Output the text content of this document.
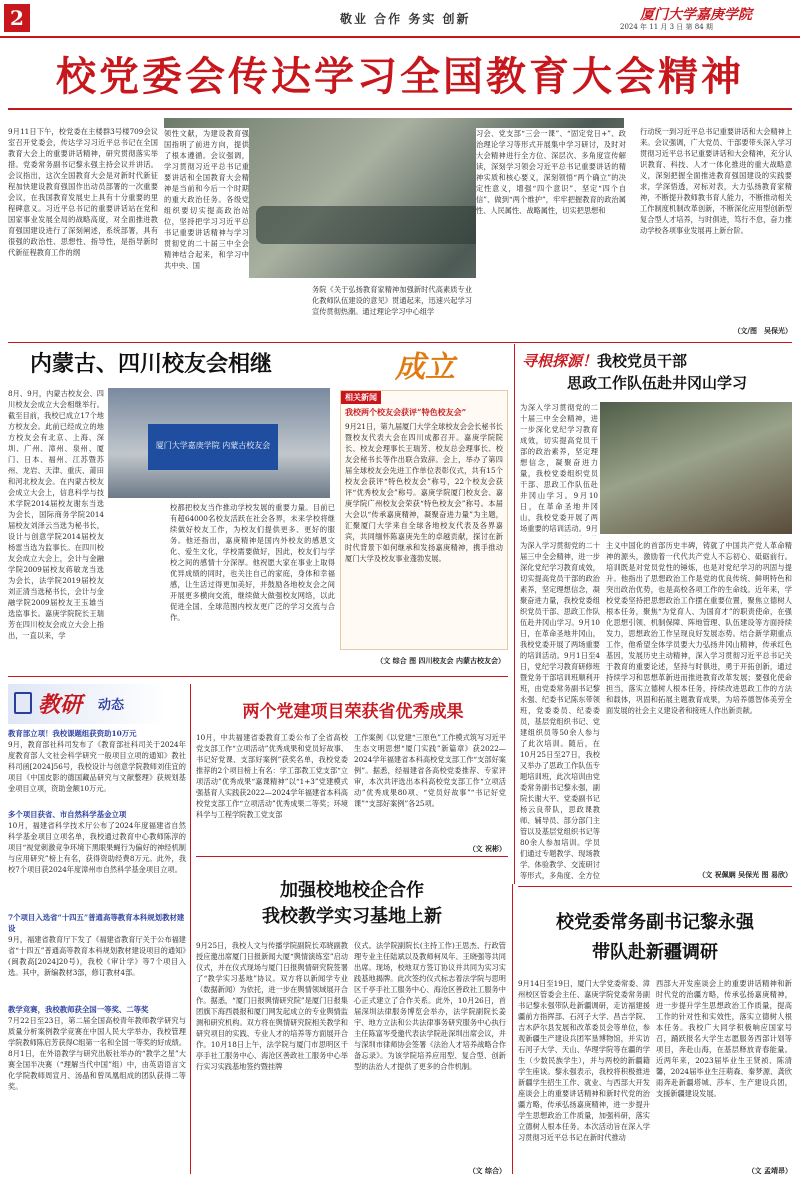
2	敬业 合作 务实 创新	厦门大学嘉庚学院
2024 年 11 月 3 日 第 84 期
校党委会传达学习全国教育大会精神
9月11日下午，校党委在主楼群3号楼709会议室召开党委会，传达学习习近平总书记在全国教育大会上的重要讲话精神，研究贯彻落实举措。党委常务副书记黎永强主持会议并讲话。会议指出，这次全国教育大会是对新时代新征程加快建设教育强国作出动员部署的一次重要会议，在我国教育发展史上具有十分重要的里程碑意义。习近平总书记的重要讲话站在党和国家事业发展全局的战略高度，对全面推进教育强国建设进行了深刻阐述，系统部署，具有很强的政治性、思想性、指导性，是指导新时代新征程教育工作的纲
领性文献，为建设教育强国指明了前进方向，提供了根本遵循。会议强调，学习贯彻习近平总书记重要讲话和全国教育大会精神是当前和今后一个时期的重大政治任务。各级党组织要切实提高政治站位，坚持把学习习近平总书记重要讲话精神与学习贯彻党的二十届三中全会精神结合起来，和学习中共中央、国
务院《关于弘扬教育家精神加强新时代高素质专业化教师队伍建设的意见》贯通起来，迅速兴起学习宣传贯彻热潮。通过理论学习中心组学
习会、党支部“三会一课”、“固定党日+”、政治理论学习等形式开展集中学习研讨，及时对大会精神进行全方位、深层次、多角度宣传解读，深刻学习领会习近平总书记重要讲话的精神实质和核心要义，深刻领悟“两个确立”的决定性意义，增强“四个意识”、坚定“四个自信”、做到“两个维护”，牢牢把握教育的政治属性、人民属性、战略属性，切实把思想和
行动统一到习近平总书记重要讲话和大会精神上来。会议强调，广大党员、干部要带头深入学习贯彻习近平总书记重要讲话和大会精神，充分认识教育、科技、人才一体化推进的重大战略意义，深刻把握全面推进教育强国建设的实践要求，学深悟透，对标对表，大力弘扬教育家精神，不断提升教师教书育人能力，不断推动相关工作制度机制改革创新，不断深化应用型创新型复合型人才培养，与时俱进，笃行不怠，奋力推动学校各项事业发展再上新台阶。
（文/图　吴保光）
内蒙古、四川校友会相继	成立
8月、9月，内蒙古校友会、四川校友会成立大会相继举行。截至目前，我校已成立17个地方校友会。此前已经成立的地方校友会有北京、上海、深圳、广州、漳州、泉州、厦门、日本、福州、江苏暨苏州、龙岩、天津、重庆、莆田和河北校友会。在内蒙古校友会成立大会上，信息科学与技术学院2014届校友谢东当选为会长，国际商务学院2014届校友刘泽云当选为秘书长，设计与创意学院2014届校友杨雷当选为监事长。在四川校友会成立大会上，会计与金融学院2009届校友蒋敏龙当选为会长，法学院2019届校友刘正清当选秘书长，会计与金融学院2009届校友王玉雄当选监事长。嘉庚学院院长王瑞芳在四川校友会成立大会上指出，一直以来，学
厦门大学嘉庚学院 内蒙古校友会
校都把校友当作推动学校发展的重要力量。目前已有超64000名校友活跃在社会各界，未来学校将继续做好校友工作，为校友们提供更多、更好的服务。他还指出，嘉庚精神是国内外校友的感恩文化、爱生文化，学校需要做好，因此，校友们与学校之间的感情十分深厚。他祝愿大家在事业上取得优异成绩的同时，也关注自己的家庭，身体和幸福感，让生活过得更加美好，并鼓励各地校友会之间开展更多横向交流，继续做大做强校友网络，以此促进全国、全球范围内校友更广泛的学习交流与合作。
相关新闻
我校两个校友会获评“特色校友会”
9月21日，第九届厦门大学全球校友会会长秘书长暨校友代表大会在四川成都召开。嘉庚学院院长、校友会理事长王瑞芳、校友总会理事长、校友会秘书长等作出联合致辞。会上，举办了第四届全球校友会先进工作单位表彰仪式，共有15个校友会获评“特色校友会”称号，22个校友会获评“优秀校友会”称号。嘉庚学院厦门校友会、嘉庚学院广州校友会荣获“特色校友会”称号。本届大会以“传承嘉庚精神，凝聚奋进力量”为主题，汇聚厦门大学来自全球各地校友代表及各界嘉宾，共同缅怀陈嘉庚先生的卓越贡献，探讨在新时代背景下如何继承和发扬嘉庚精神，携手推动厦门大学及校友事业蓬勃发展。
（文 综合 图 四川校友会 内蒙古校友会）
寻根探源！我校党员干部
思政工作队伍赴井冈山学习
为深入学习贯彻党的二十届三中全会精神，进一步深化党纪学习教育成效，切实提高党员干部的政治素养，坚定理想信念，凝聚奋进力量，我校党委组织党员干部、思政工作队伍赴井冈山学习。9月10日，在革命圣地井冈山，我校党委开展了两场重要的培训活动。9月
为深入学习贯彻党的二十届三中全会精神，进一步深化党纪学习教育成效，切实提高党员干部的政治素养，坚定理想信念，凝聚奋进力量，我校党委组织党员干部、思政工作队伍赴井冈山学习。9月10日，在革命圣地井冈山，我校党委开展了两场重要的培训活动。9月1日至4日，党纪学习教育研修班暨党务干部培训班顺利开班，由党委常务副书记黎永强、纪委书记陈东带领班，党委委员、纪委委员，基层党组织书记、党建组织员等50余人参与了此次培训。随后，在10月25日至27日，我校又举办了思政工作队伍专题培训班，此次培训由党委常务副书记黎永强，副院长谢大平、党委副书记杨云良带队，思政课教师、辅导员、部分部门主管以及基层党组织书记等80余人参加培训。学员们通过专题教学、现场教学、体验教学、交流研讨等形式，多角度、全方位
主义中国化的首部历史丰碑，铸就了中国共产党人革命精神的源头，激励着一代代共产党人不忘初心、砥砺前行。培训既是对党员党性的锤炼，也是对党纪学习的巩固与提升。他指出了思想政治工作是党的优良传统、鲜明特色和突出政治优势，也是高校各项工作的生命线。近年来，学校党委坚持把思想政治工作摆在重要位置，聚焦立德树人根本任务，聚焦“为党育人、为国育才”的职责使命，在强化思想引领、机制保障、阵地管理、队伍建设等方面持续发力，思想政治工作呈现良好发展态势。结合新学期重点工作，他希望全体学员要大力弘扬井冈山精神，传承红色基因，发展历史主动精神，深入学习贯彻习近平总书记关于教育的重要论述，坚持与时俱进，勇于开拓创新，通过持续学习和思想革新进而推进教育改革发展；要强化使命担当，落实立德树人根本任务，持续改进思政工作的方法和载体，巩固和拓展主题教育成果，为培养德智体美劳全面发展的社会主义建设者和接班人作出新贡献。
（文 祝佩娴 吴保光 图 易欣）
教研 动态
教育部立项！我校课题组获资助10万元
9月，教育部社科司发布了《教育部社科司关于2024年度教育部人文社会科学研究一般项目立项的通知》教社科司函[2024]56号，我校设计与创意学院教师刘佳宜的项目《中国皮影的德国藏品研究与文献整理》获规划基金项目立项，资助金额10万元。
多个项目获省、市自然科学基金立项
10月，福建省科学技术厅公布了2024年度福建省自然科学基金项目立项名单，我校通过教育中心教师陈淳的项目“视觉刺激竞争环境下黑眼果蝇行为偏好的神经机制与应用研究”榜上有名，获得资助经费8万元。此外，我校7个项目获2024年度漳州市自然科学基金项目立项。
7个项目入选省“十四五”普通高等教育本科规划教材建设
9月，福建省教育厅下发了《福建省教育厅关于公布福建省“十四五”普通高等教育本科规划教材建设项目的通知》(闽教高[2024]20号)，我校《审计学》等7个项目入选。其中，新编教材3部，修订教材4部。
教学竞赛，我校教师获全国一等奖、二等奖
7月22日至23日，第二届全国高校青年教师教学研究与质量分析案例教学竞赛在中国人民大学举办，我校管理学院教师陈启芳获得C组第一名和全国一等奖的好成绩。8月1日，在外语教学与研究出版社举办的“教学之星”大赛全国半决赛（“理解当代中国”组）中，由英语语言文化学院教师周宣月、汤晶和曾凤凰组成的团队获得二等奖。
两个党建项目荣获省优秀成果
10月，中共福建省委教育工委公布了全省高校党支部工作“立项活动”优秀成果和党员好故事、书记好党课、支部好案例”获奖名单，我校党委推荐的2个项目榜上有名：学工部教工党支部“立项活动”优秀成果“嘉课精神”以“1+3”党建模式强基育人实践获2022—2024学年福建省本科高校党支部工作“立项活动”优秀成果二等奖；环境科学与工程学院教工党支部
工作案例《以党建“三原色”工作模式筑写习近平生态文明思想“厦门实践”新篇章》获2022—2024学年福建省本科高校党支部工作“支部好案例”。据悉，经福建省各高校党委推荐、专家评审，本次共评选出本科高校党支部工作“立项活动”优秀成果80项、“党员好故事”“书记好党课”“支部好案例”各25项。
（文 祝彬）
加强校地校企合作
我校教学实习基地上新
9月25日，我校人文与传播学院副院长邓晓副教授应邀出席厦门日报新闻大厦“舆情演练室”启动仪式，并在仪式现场与厦门日报舆情研究院签署了“教学实习基地”协议。双方将以新闻学专业（数据新闻）为依托，进一步在舆情领域展开合作。据悉，“厦门日报舆情研究院”是厦门日报集团旗下海西晨报和厦门网发起成立的专业舆情监测和研究机构。双方将在舆情研究院相关教学和研究项目的实践、专业人才的培养等方面展开合作。10月18日上午，法学院与厦门市思明区千亭手社工服务中心、海沧区善政社工服务中心举行实习实践基地签约暨挂牌
仪式。法学院副院长(主持工作)王思杰、行政管理专业主任陆斌以及教师柯凤年、王晓强等共同出席。现场，校地双方签订协议并共同为实习实践基地揭牌。此次签约仪式标志着法学院与思明区千亭手社工服务中心、海沧区善政社工服务中心正式建立了合作关系。此外，10月26日，首届深圳法律服务博览会举办，法学院副院长姜宇、地方立法和公共法律事务研究服务中心执行主任陈富岑受邀代表法学院赴深圳出席会议，并与深圳市律师协会签署《法治人才培养战略合作备忘录》。为该学院培养应用型、复合型、创新型的法治人才提供了更多的合作机制。
（文 综合）
校党委常务副书记黎永强
带队赴新疆调研
9月14日至19日，厦门大学党委常委、漳州校区管委会主任、嘉庚学院党委常务副书记黎永强带队赴新疆调研，走访福建援疆前方指挥部、石河子大学、昌吉学院、吉木萨尔县发展和改革委员会等单位，参观新疆生产建设兵团军垦博物馆，并实访石河子大学、天山、华理学院等在疆的学生（少数民族学生），并与两校的新疆籍学生座谈。黎永强表示，我校将积极推进新疆学生招生工作、就业、与西部大开发座谈会上的重要讲话精神和新时代党的治疆方略，传承弘扬嘉庚精神，进一步提升学生思想政治工作质量，加强科研，落实立德树人根本任务。本次活动旨在深入学习贯彻习近平总书记在新时代推动
西部大开发座谈会上的重要讲话精神和新时代党的治疆方略，传承弘扬嘉庚精神，进一步提升学生思想政治工作质量，提高工作的针对性和实效性，落实立德树人根本任务。我校广大同学积极响应国家号召，踊跃报名大学生志愿服务西部计划等项目，奔赴山海，在基层释放青春能量。近两年来，2023届毕业生王贤祯、陈清馨，2024届毕业生汪萌森、秦梦源、龚欣雨奔赴新疆塔城、莎车、生产建设兵团，支援新疆建设发展。
（文 孟靖昂）
